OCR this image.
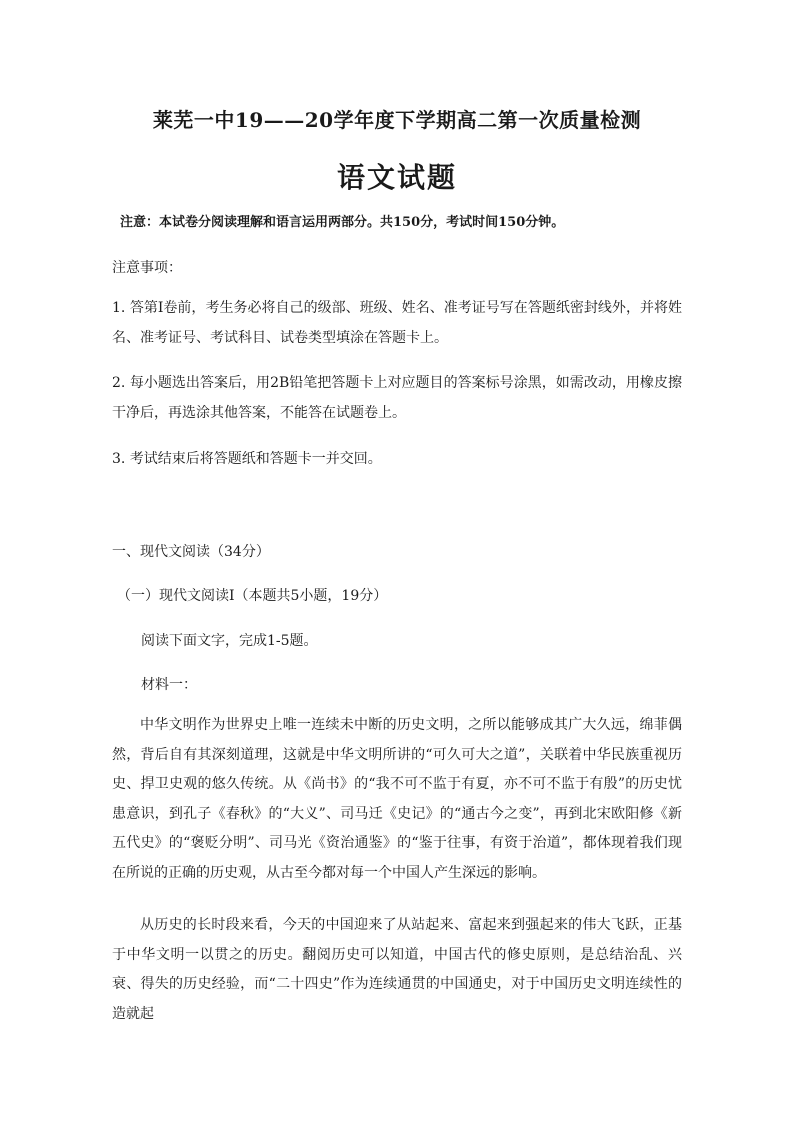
莱芜一中19——20学年度下学期高二第一次质量检测
语文试题
注意：本试卷分阅读理解和语言运用两部分。共150分，考试时间150分钟。
注意事项：
1. 答第Ⅰ卷前，考生务必将自己的级部、班级、姓名、准考证号写在答题纸密封线外，并将姓名、准考证号、考试科目、试卷类型填涂在答题卡上。
2. 每小题选出答案后，用2B铅笔把答题卡上对应题目的答案标号涂黑，如需改动，用橡皮擦干净后，再选涂其他答案，不能答在试题卷上。
3. 考试结束后将答题纸和答题卡一并交回。
一、现代文阅读（34分）
（一）现代文阅读Ⅰ（本题共5小题，19分）
阅读下面文字，完成1-5题。
材料一：
中华文明作为世界史上唯一连续未中断的历史文明，之所以能够成其广大久远，绵菲偶然，背后自有其深刻道理，这就是中华文明所讲的“可久可大之道”，关联着中华民族重视历史、捍卫史观的悠久传统。从《尚书》的“我不可不监于有夏，亦不可不监于有殷”的历史忧患意识，到孔子《春秋》的“大义”、司马迁《史记》的“通古今之变”，再到北宋欧阳修《新五代史》的“褒贬分明”、司马光《资治通鉴》的“鉴于往事，有资于治道”，都体现着我们现在所说的正确的历史观，从古至今都对每一个中国人产生深远的影响。
从历史的长时段来看，今天的中国迎来了从站起来、富起来到强起来的伟大飞跃，正基于中华文明一以贯之的历史。翻阅历史可以知道，中国古代的修史原则，是总结治乱、兴衰、得失的历史经验，而“二十四史”作为连续通贯的中国通史，对于中国历史文明连续性的造就起
